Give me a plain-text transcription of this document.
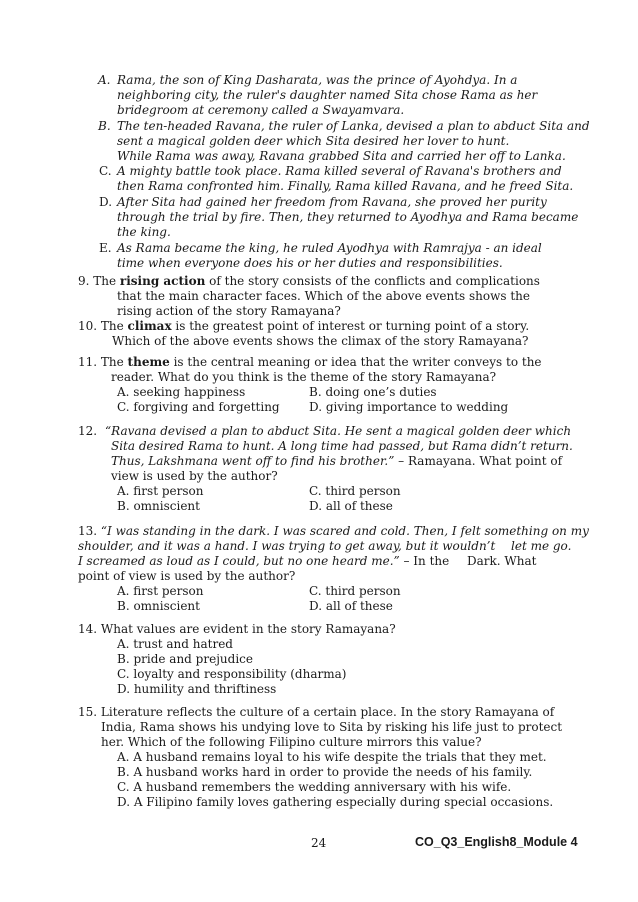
A. Rama, the son of King Dasharata, was the prince of Ayohdya. In a
neighboring city, the ruler's daughter named Sita chose Rama as her
bridegroom at ceremony called a Swayamvara.
B. The ten-headed Ravana, the ruler of Lanka, devised a plan to abduct Sita and
sent a magical golden deer which Sita desired her lover to hunt.
While Rama was away, Ravana grabbed Sita and carried her off to Lanka.
C. A mighty battle took place. Rama killed several of Ravana's brothers and
then Rama confronted him. Finally, Rama killed Ravana, and he freed Sita.
D. After Sita had gained her freedom from Ravana, she proved her purity
through the trial by fire. Then, they returned to Ayodhya and Rama became
the king.
E. As Rama became the king, he ruled Ayodhya with Ramrajya - an ideal
time when everyone does his or her duties and responsibilities.
9. The rising action of the story consists of the conflicts and complications
that the main character faces. Which of the above events shows the
rising action of the story Ramayana?
10. The climax is the greatest point of interest or turning point of a story.
Which of the above events shows the climax of the story Ramayana?
11. The theme is the central meaning or idea that the writer conveys to the
reader. What do you think is the theme of the story Ramayana?
A. seeking happiness	B. doing one’s duties
C. forgiving and forgetting D. giving importance to wedding
12. “Ravana devised a plan to abduct Sita. He sent a magical golden deer which
Sita desired Rama to hunt. A long time had passed, but Rama didn’t return.
Thus, Lakshmana went off to find his brother.” – Ramayana. What point of
view is used by the author?
A. first person	C. third person
B. omniscient	D. all of these
13. “I was standing in the dark. I was scared and cold. Then, I felt something on my
shoulder, and it was a hand. I was trying to get away, but it wouldn’t let me go.
I screamed as loud as I could, but no one heard me.” – In the Dark. What
point of view is used by the author?
A. first person	C. third person
B. omniscient	D. all of these
14. What values are evident in the story Ramayana?
A. trust and hatred
B. pride and prejudice
C. loyalty and responsibility (dharma)
D. humility and thriftiness
15. Literature reflects the culture of a certain place. In the story Ramayana of
India, Rama shows his undying love to Sita by risking his life just to protect
her. Which of the following Filipino culture mirrors this value?
A. A husband remains loyal to his wife despite the trials that they met.
B. A husband works hard in order to provide the needs of his family.
C. A husband remembers the wedding anniversary with his wife.
D. A Filipino family loves gathering especially during special occasions.
24	CO_Q3_English8_Module 4
